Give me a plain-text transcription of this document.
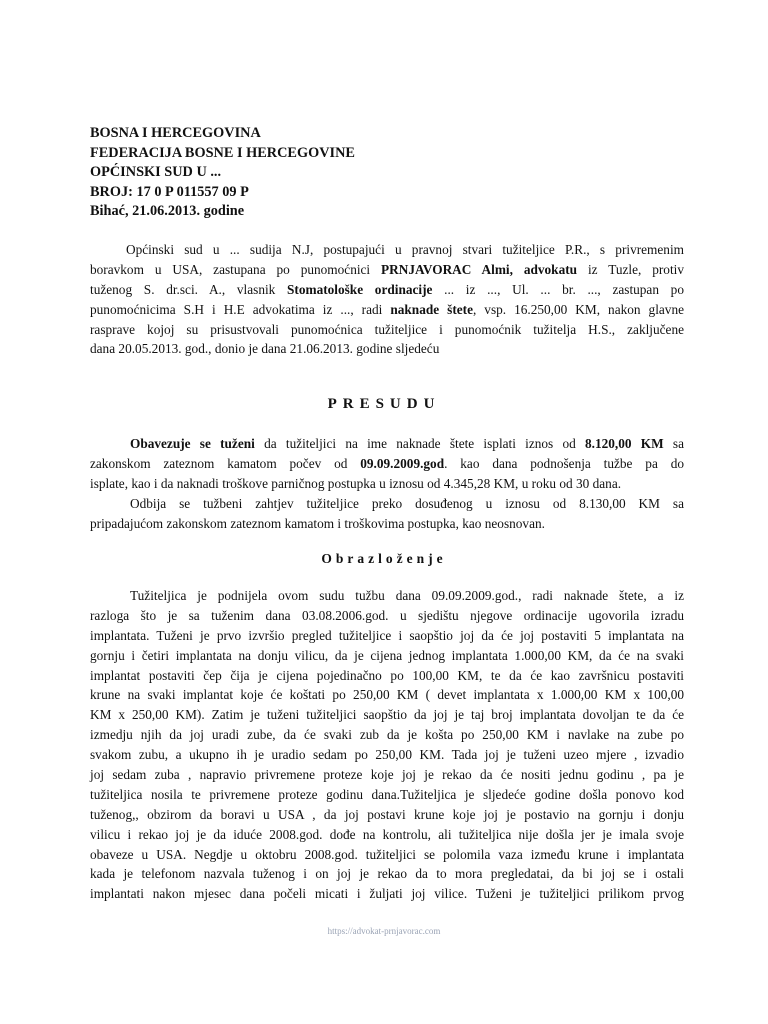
BOSNA I HERCEGOVINA
FEDERACIJA BOSNE I HERCEGOVINE
OPĆINSKI SUD U ...
BROJ: 17 0 P 011557 09 P
Bihać, 21.06.2013. godine
Općinski sud u ... sudija N.J, postupajući u pravnoj stvari tužiteljice P.R., s privremenim
boravkom u USA, zastupana po punomoćnici PRNJAVORAC Almi, advokatu iz Tuzle, protiv
tuženog S. dr.sci. A., vlasnik Stomatološke ordinacije ... iz ..., Ul. ... br. ..., zastupan po
punomoćnicima S.H i H.E advokatima iz ..., radi naknade štete, vsp. 16.250,00 KM, nakon glavne
rasprave kojoj su prisustvovali punomoćnica tužiteljice i punomoćnik tužitelja H.S., zaključene
dana 20.05.2013. god., donio je dana 21.06.2013. godine sljedeću
PRESUDU
Obavezuje se tuženi da tužiteljici na ime naknade štete isplati iznos od 8.120,00 KM sa
zakonskom zateznom kamatom počev od 09.09.2009.god. kao dana podnošenja tužbe pa do
isplate, kao i da naknadi troškove parničnog postupka u iznosu od 4.345,28 KM, u roku od 30 dana.
Odbija se tužbeni zahtjev tužiteljice preko dosuđenog u iznosu od 8.130,00 KM sa
pripadajućom zakonskom zateznom kamatom i troškovima postupka, kao neosnovan.
Obrazloženje
Tužiteljica je podnijela ovom sudu tužbu dana 09.09.2009.god., radi naknade štete, a iz
razloga što je sa tuženim dana 03.08.2006.god. u sjedištu njegove ordinacije ugovorila izradu
implantata. Tuženi je prvo izvršio pregled tužiteljice i saopštio joj da će joj postaviti 5 implantata na
gornju i četiri implantata na donju vilicu, da je cijena jednog implantata 1.000,00 KM, da će na svaki
implantat postaviti čep čija je cijena pojedinačno po 100,00 KM, te da će kao završnicu postaviti
krune na svaki implantat koje će koštati po 250,00 KM ( devet implantata x 1.000,00 KM x 100,00
KM x 250,00 KM). Zatim je tuženi tužiteljici saopštio da joj je taj broj implantata dovoljan te da će
izmedju njih da joj uradi zube, da će svaki zub da je košta po 250,00 KM i navlake na zube po
svakom zubu, a ukupno ih je uradio sedam po 250,00 KM. Tada joj je tuženi uzeo mjere , izvadio
joj sedam zuba , napravio privremene proteze koje joj je rekao da će nositi jednu godinu , pa je
tužiteljica nosila te privremene proteze godinu dana.Tužiteljica je sljedeće godine došla ponovo kod
tuženog,, obzirom da boravi u USA , da joj postavi krune koje joj je postavio na gornju i donju
vilicu i rekao joj je da iduće 2008.god. dođe na kontrolu, ali tužiteljica nije došla jer je imala svoje
obaveze u USA. Negdje u oktobru 2008.god. tužiteljici se polomila vaza između krune i implantata
kada je telefonom nazvala tuženog i on joj je rekao da to mora pregledatai, da bi joj se i ostali
implantati nakon mjesec dana počeli micati i žuljati joj vilice. Tuženi je tužiteljici prilikom prvog
https://advokat-prnjavorac.com
